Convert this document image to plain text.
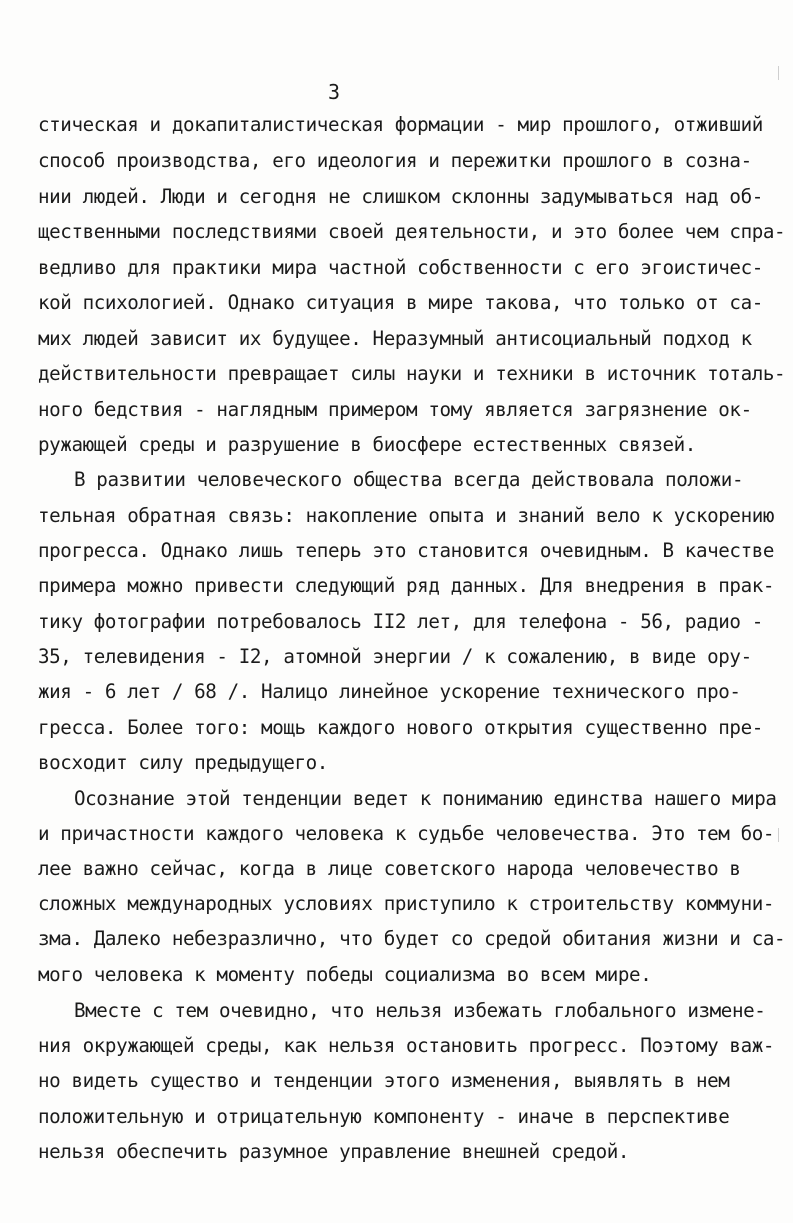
3
стическая и докапиталистическая формации - мир прошлого, отживший
способ производства, его идеология и пережитки прошлого в созна-
нии людей. Люди и сегодня не слишком склонны задумываться над об-
щественными последствиями своей деятельности, и это более чем спра-
ведливо для практики мира частной собственности с его эгоистичес-
кой психологией. Однако ситуация в мире такова, что только от са-
мих людей зависит их будущее. Неразумный антисоциальный подход к
действительности превращает силы науки и техники в источник тоталь-
ного бедствия - наглядным примером тому является загрязнение ок-
ружающей среды и разрушение в биосфере естественных связей.
В развитии человеческого общества всегда действовала положи-
тельная обратная связь: накопление опыта и знаний вело к ускорению
прогресса. Однако лишь теперь это становится очевидным. В качестве
примера можно привести следующий ряд данных. Для внедрения в прак-
тику фотографии потребовалось II2 лет, для телефона - 56, радио -
35, телевидения - I2, атомной энергии / к сожалению, в виде ору-
жия - 6 лет / 68 /. Налицо линейное ускорение технического про-
гресса. Более того: мощь каждого нового открытия существенно пре-
восходит силу предыдущего.
Осознание этой тенденции ведет к пониманию единства нашего мира
и причастности каждого человека к судьбе человечества. Это тем бо-
лее важно сейчас, когда в лице советского народа человечество в
сложных международных условиях приступило к строительству коммуни-
зма. Далеко небезразлично, что будет со средой обитания жизни и са-
мого человека к моменту победы социализма во всем мире.
Вместе с тем очевидно, что нельзя избежать глобального измене-
ния окружающей среды, как нельзя остановить прогресс. Поэтому важ-
но видеть существо и тенденции этого изменения, выявлять в нем
положительную и отрицательную компоненту - иначе в перспективе
нельзя обеспечить разумное управление внешней средой.
